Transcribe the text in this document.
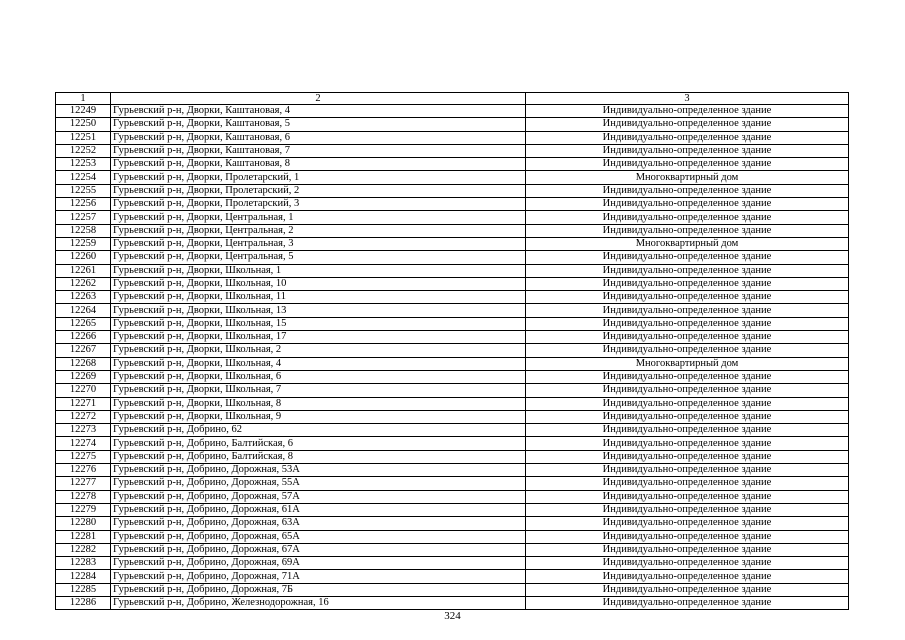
1	2	3
12249	Гурьевский р-н, Дворки, Каштановая, 4	Индивидуально-определенное здание
12250	Гурьевский р-н, Дворки, Каштановая, 5	Индивидуально-определенное здание
12251	Гурьевский р-н, Дворки, Каштановая, 6	Индивидуально-определенное здание
12252	Гурьевский р-н, Дворки, Каштановая, 7	Индивидуально-определенное здание
12253	Гурьевский р-н, Дворки, Каштановая, 8	Индивидуально-определенное здание
12254	Гурьевский р-н, Дворки, Пролетарский, 1	Многоквартирный дом
12255	Гурьевский р-н, Дворки, Пролетарский, 2	Индивидуально-определенное здание
12256	Гурьевский р-н, Дворки, Пролетарский, 3	Индивидуально-определенное здание
12257	Гурьевский р-н, Дворки, Центральная, 1	Индивидуально-определенное здание
12258	Гурьевский р-н, Дворки, Центральная, 2	Индивидуально-определенное здание
12259	Гурьевский р-н, Дворки, Центральная, 3	Многоквартирный дом
12260	Гурьевский р-н, Дворки, Центральная, 5	Индивидуально-определенное здание
12261	Гурьевский р-н, Дворки, Школьная, 1	Индивидуально-определенное здание
12262	Гурьевский р-н, Дворки, Школьная, 10	Индивидуально-определенное здание
12263	Гурьевский р-н, Дворки, Школьная, 11	Индивидуально-определенное здание
12264	Гурьевский р-н, Дворки, Школьная, 13	Индивидуально-определенное здание
12265	Гурьевский р-н, Дворки, Школьная, 15	Индивидуально-определенное здание
12266	Гурьевский р-н, Дворки, Школьная, 17	Индивидуально-определенное здание
12267	Гурьевский р-н, Дворки, Школьная, 2	Индивидуально-определенное здание
12268	Гурьевский р-н, Дворки, Школьная, 4	Многоквартирный дом
12269	Гурьевский р-н, Дворки, Школьная, 6	Индивидуально-определенное здание
12270	Гурьевский р-н, Дворки, Школьная, 7	Индивидуально-определенное здание
12271	Гурьевский р-н, Дворки, Школьная, 8	Индивидуально-определенное здание
12272	Гурьевский р-н, Дворки, Школьная, 9	Индивидуально-определенное здание
12273	Гурьевский р-н, Добрино, 62	Индивидуально-определенное здание
12274	Гурьевский р-н, Добрино, Балтийская, 6	Индивидуально-определенное здание
12275	Гурьевский р-н, Добрино, Балтийская, 8	Индивидуально-определенное здание
12276	Гурьевский р-н, Добрино, Дорожная, 53А	Индивидуально-определенное здание
12277	Гурьевский р-н, Добрино, Дорожная, 55А	Индивидуально-определенное здание
12278	Гурьевский р-н, Добрино, Дорожная, 57А	Индивидуально-определенное здание
12279	Гурьевский р-н, Добрино, Дорожная, 61А	Индивидуально-определенное здание
12280	Гурьевский р-н, Добрино, Дорожная, 63А	Индивидуально-определенное здание
12281	Гурьевский р-н, Добрино, Дорожная, 65А	Индивидуально-определенное здание
12282	Гурьевский р-н, Добрино, Дорожная, 67А	Индивидуально-определенное здание
12283	Гурьевский р-н, Добрино, Дорожная, 69А	Индивидуально-определенное здание
12284	Гурьевский р-н, Добрино, Дорожная, 71А	Индивидуально-определенное здание
12285	Гурьевский р-н, Добрино, Дорожная, 7Б	Индивидуально-определенное здание
12286	Гурьевский р-н, Добрино, Железнодорожная, 16	Индивидуально-определенное здание
324
